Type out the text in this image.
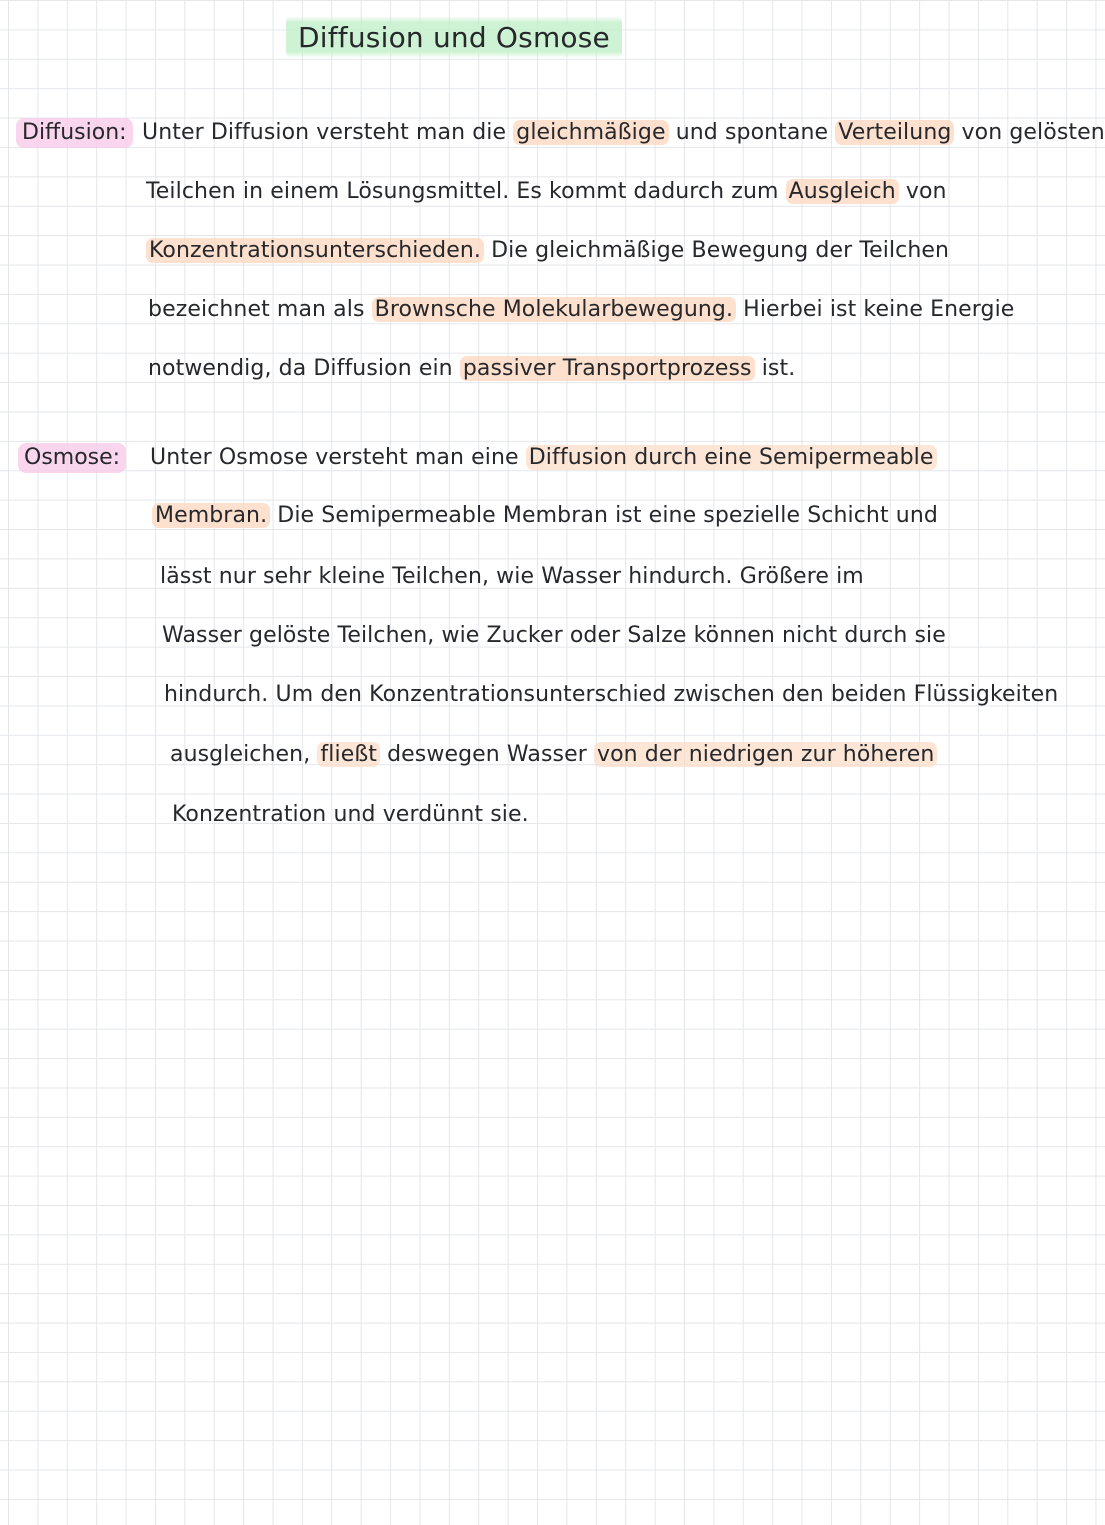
Diffusion und Osmose
Diffusion: Unter Diffusion versteht man die gleichmäßige und spontane Verteilung von gelösten
Teilchen in einem Lösungsmittel. Es kommt dadurch zum Ausgleich von
Konzentrationsunterschieden. Die gleichmäßige Bewegung der Teilchen
bezeichnet man als Brownsche Molekularbewegung. Hierbei ist keine Energie
notwendig, da Diffusion ein passiver Transportprozess ist.
Osmose: Unter Osmose versteht man eine Diffusion durch eine Semipermeable
Membran. Die Semipermeable Membran ist eine spezielle Schicht und
lässt nur sehr kleine Teilchen, wie Wasser hindurch. Größere im
Wasser gelöste Teilchen, wie Zucker oder Salze können nicht durch sie
hindurch. Um den Konzentrationsunterschied zwischen den beiden Flüssigkeiten
ausgleichen, fließt deswegen Wasser von der niedrigen zur höheren
Konzentration und verdünnt sie.
